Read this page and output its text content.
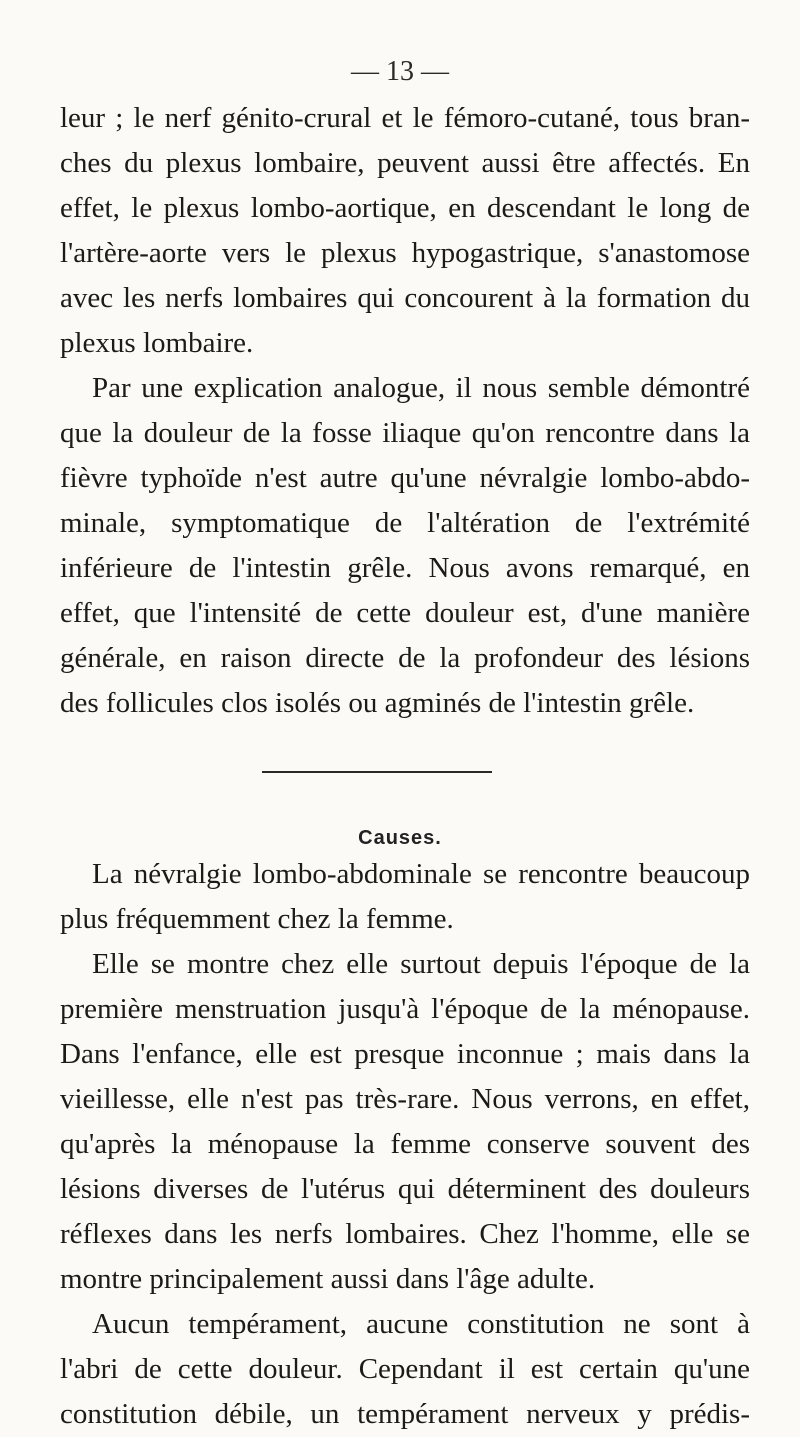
— 13 —
leur ; le nerf génito-crural et le fémoro-cutané, tous bran-
ches du plexus lombaire, peuvent aussi être affectés. En
effet, le plexus lombo-aortique, en descendant le long de
l'artère-aorte vers le plexus hypogastrique, s'anastomose
avec les nerfs lombaires qui concourent à la formation du
plexus lombaire.
Par une explication analogue, il nous semble démontré
que la douleur de la fosse iliaque qu'on rencontre dans la
fièvre typhoïde n'est autre qu'une névralgie lombo-abdo-
minale, symptomatique de l'altération de l'extrémité
inférieure de l'intestin grêle. Nous avons remarqué, en
effet, que l'intensité de cette douleur est, d'une manière
générale, en raison directe de la profondeur des lésions
des follicules clos isolés ou agminés de l'intestin grêle.
Causes.
La névralgie lombo-abdominale se rencontre beaucoup
plus fréquemment chez la femme.
Elle se montre chez elle surtout depuis l'époque de la
première menstruation jusqu'à l'époque de la ménopause.
Dans l'enfance, elle est presque inconnue ; mais dans la
vieillesse, elle n'est pas très-rare. Nous verrons, en effet,
qu'après la ménopause la femme conserve souvent des
lésions diverses de l'utérus qui déterminent des douleurs
réflexes dans les nerfs lombaires. Chez l'homme, elle se
montre principalement aussi dans l'âge adulte.
Aucun tempérament, aucune constitution ne sont à
l'abri de cette douleur. Cependant il est certain qu'une
constitution débile, un tempérament nerveux y prédis-
